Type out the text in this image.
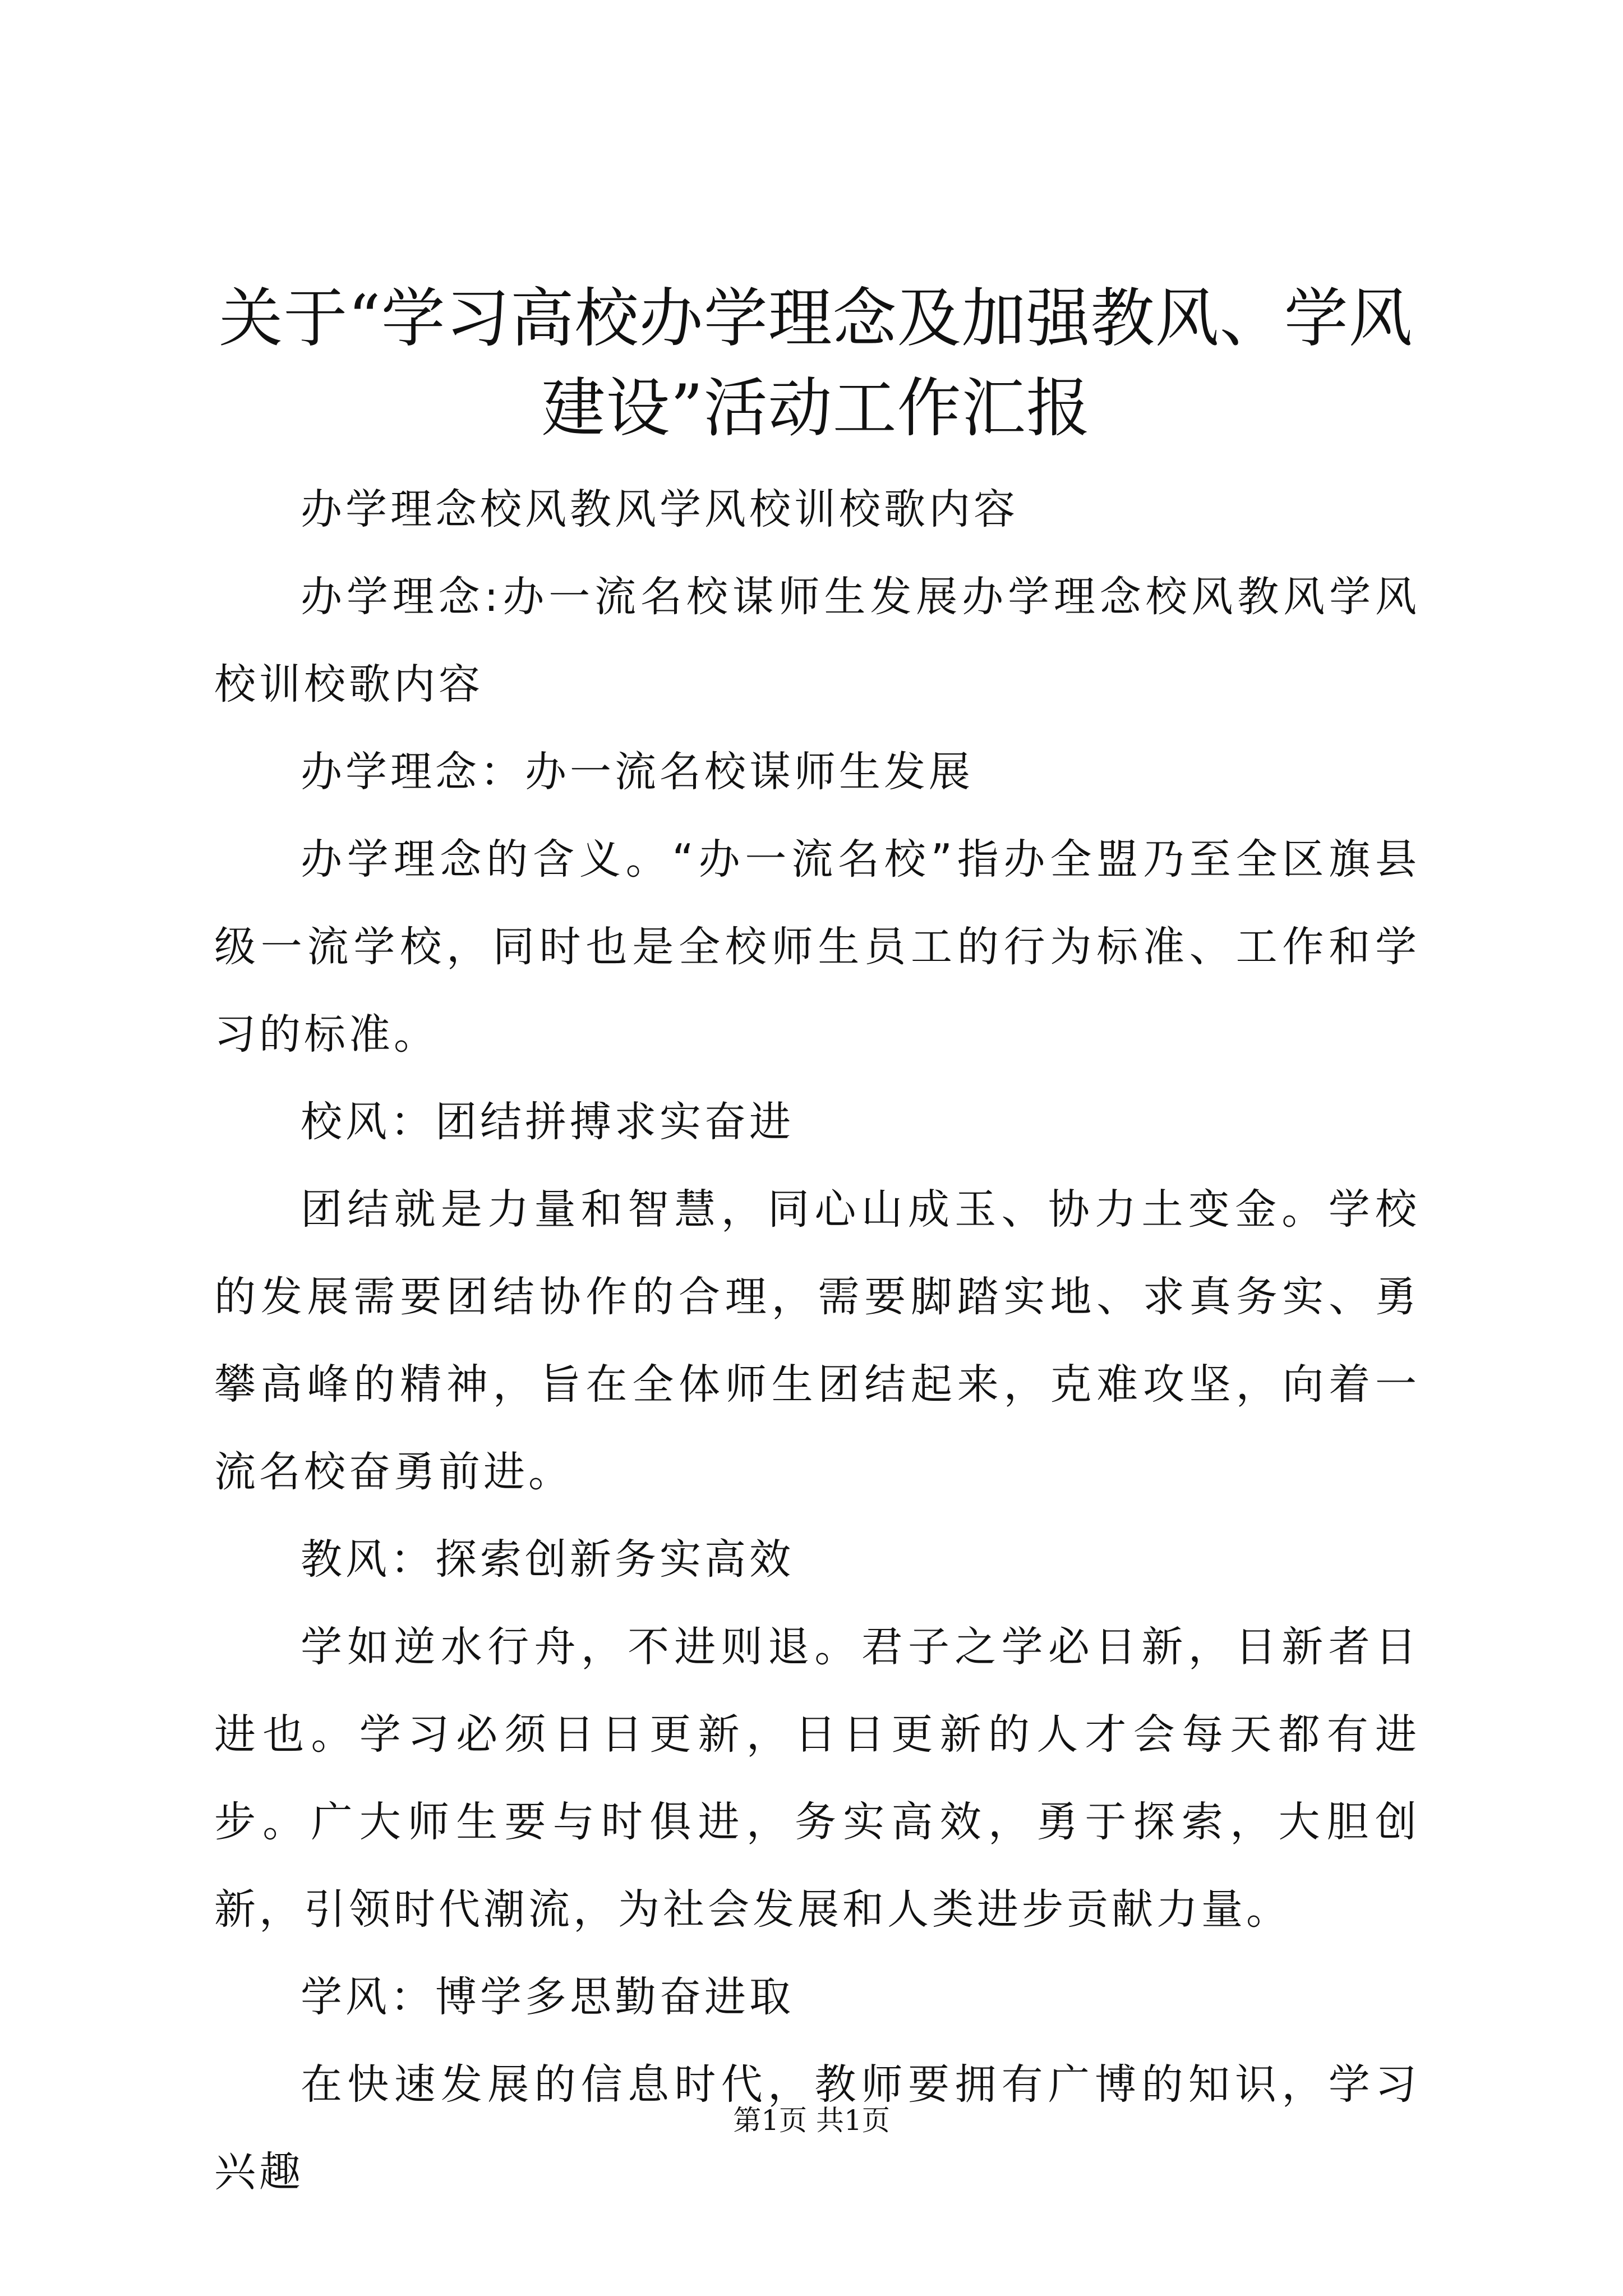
关于“学习高校办学理念及加强教风、学风建设”活动工作汇报

办学理念校风教风学风校训校歌内容

办学理念:办一流名校谋师生发展办学理念校风教风学风校训校歌内容

办学理念：办一流名校谋师生发展

办学理念的含义。“办一流名校”指办全盟乃至全区旗县级一流学校，同时也是全校师生员工的行为标准、工作和学习的标准。

校风：团结拼搏求实奋进

团结就是力量和智慧，同心山成玉、协力土变金。学校的发展需要团结协作的合理，需要脚踏实地、求真务实、勇攀高峰的精神，旨在全体师生团结起来，克难攻坚，向着一流名校奋勇前进。

教风：探索创新务实高效

学如逆水行舟，不进则退。君子之学必日新，日新者日进也。学习必须日日更新，日日更新的人才会每天都有进步。广大师生要与时俱进，务实高效，勇于探索，大胆创新，引领时代潮流，为社会发展和人类进步贡献力量。

学风：博学多思勤奋进取

在快速发展的信息时代，教师要拥有广博的知识，学习兴趣

第1页 共1页
